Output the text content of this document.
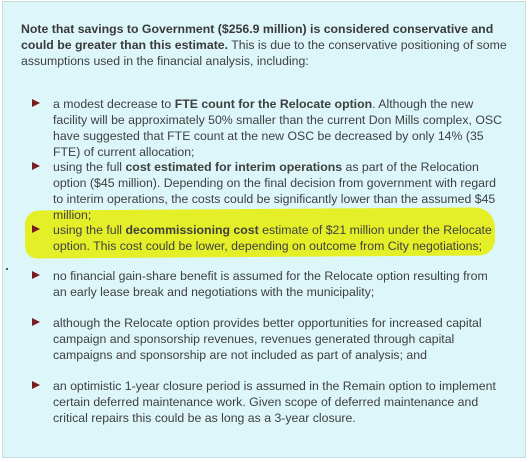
Note that savings to Government ($256.9 million) is considered conservative and could be greater than this estimate. This is due to the conservative positioning of some assumptions used in the financial analysis, including:

a modest decrease to FTE count for the Relocate option. Although the new facility will be approximately 50% smaller than the current Don Mills complex, OSC have suggested that FTE count at the new OSC be decreased by only 14% (35 FTE) of current allocation;
using the full cost estimated for interim operations as part of the Relocation option ($45 million). Depending on the final decision from government with regard to interim operations, the costs could be significantly lower than the assumed $45 million;
using the full decommissioning cost estimate of $21 million under the Relocate option. This cost could be lower, depending on outcome from City negotiations;
no financial gain-share benefit is assumed for the Relocate option resulting from an early lease break and negotiations with the municipality;
although the Relocate option provides better opportunities for increased capital campaign and sponsorship revenues, revenues generated through capital campaigns and sponsorship are not included as part of analysis; and
an optimistic 1-year closure period is assumed in the Remain option to implement certain deferred maintenance work. Given scope of deferred maintenance and critical repairs this could be as long as a 3-year closure.
